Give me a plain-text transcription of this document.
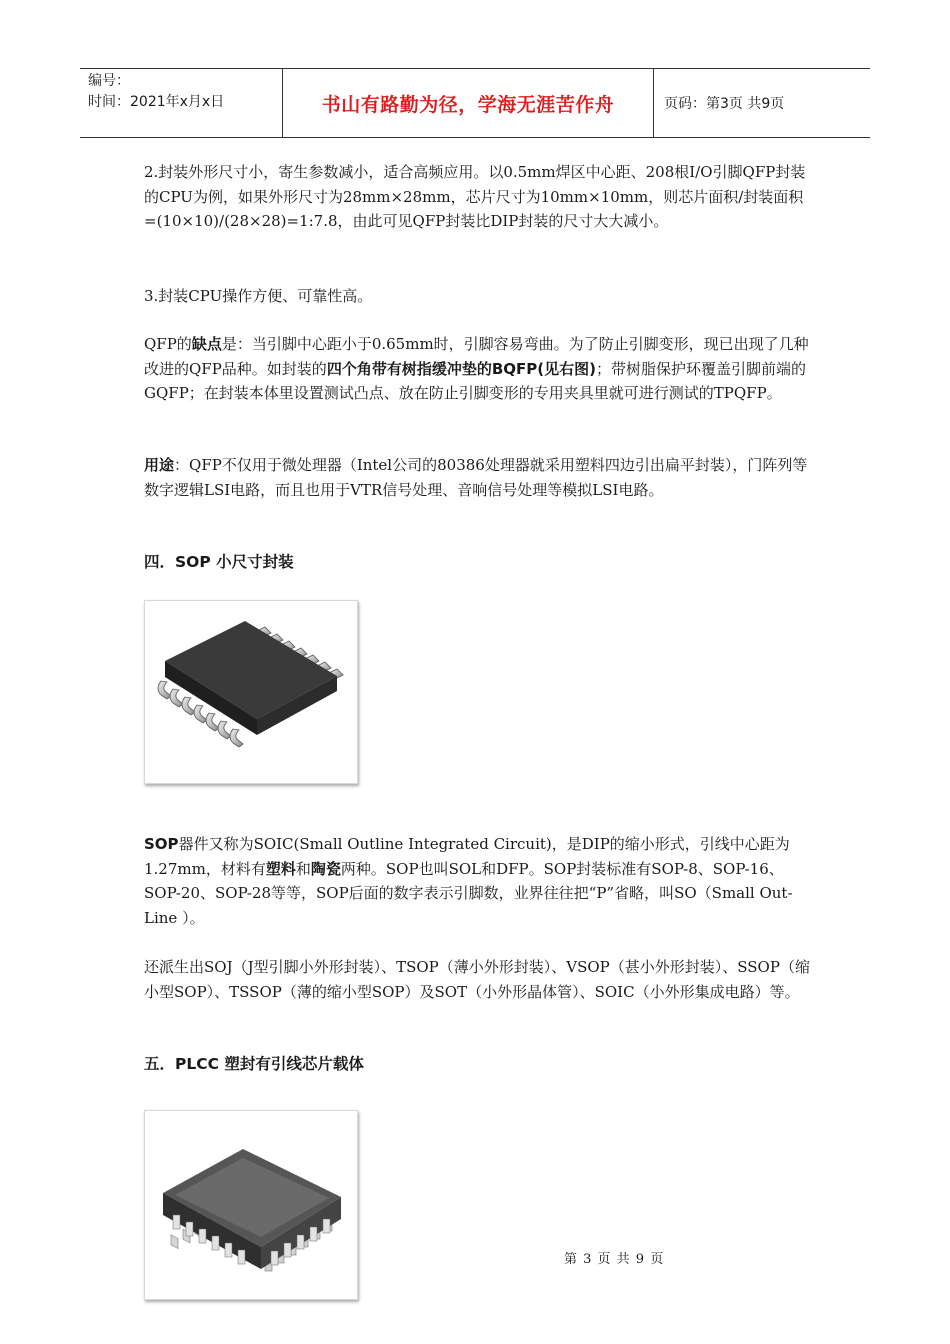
编号：
时间：2021年x月x日	书山有路勤为径，学海无涯苦作舟	页码：第3页 共9页

2.封装外形尺寸小，寄生参数减小，适合高频应用。以0.5mm焊区中心距、208根I/O引脚QFP封装的CPU为例，如果外形尺寸为28mm×28mm，芯片尺寸为10mm×10mm，则芯片面积/封装面积=(10×10)/(28×28)=1:7.8，由此可见QFP封装比DIP封装的尺寸大大减小。

3.封装CPU操作方便、可靠性高。

QFP的缺点是：当引脚中心距小于0.65mm时，引脚容易弯曲。为了防止引脚变形，现已出现了几种改进的QFP品种。如封装的四个角带有树指缓冲垫的BQFP(见右图)；带树脂保护环覆盖引脚前端的GQFP；在封装本体里设置测试凸点、放在防止引脚变形的专用夹具里就可进行测试的TPQFP。

用途：QFP不仅用于微处理器（Intel公司的80386处理器就采用塑料四边引出扁平封装），门阵列等数字逻辑LSI电路，而且也用于VTR信号处理、音响信号处理等模拟LSI电路。

四．SOP 小尺寸封装

SOP器件又称为SOIC(Small Outline Integrated Circuit)，是DIP的缩小形式，引线中心距为1.27mm，材料有塑料和陶瓷两种。SOP也叫SOL和DFP。SOP封装标准有SOP-8、SOP-16、SOP-20、SOP-28等等，SOP后面的数字表示引脚数，业界往往把“P”省略，叫SO（Small Out-Line ）。

还派生出SOJ（J型引脚小外形封装）、TSOP（薄小外形封装）、VSOP（甚小外形封装）、SSOP（缩小型SOP）、TSSOP（薄的缩小型SOP）及SOT（小外形晶体管）、SOIC（小外形集成电路）等。

五．PLCC 塑封有引线芯片载体
第 3 页 共 9 页
